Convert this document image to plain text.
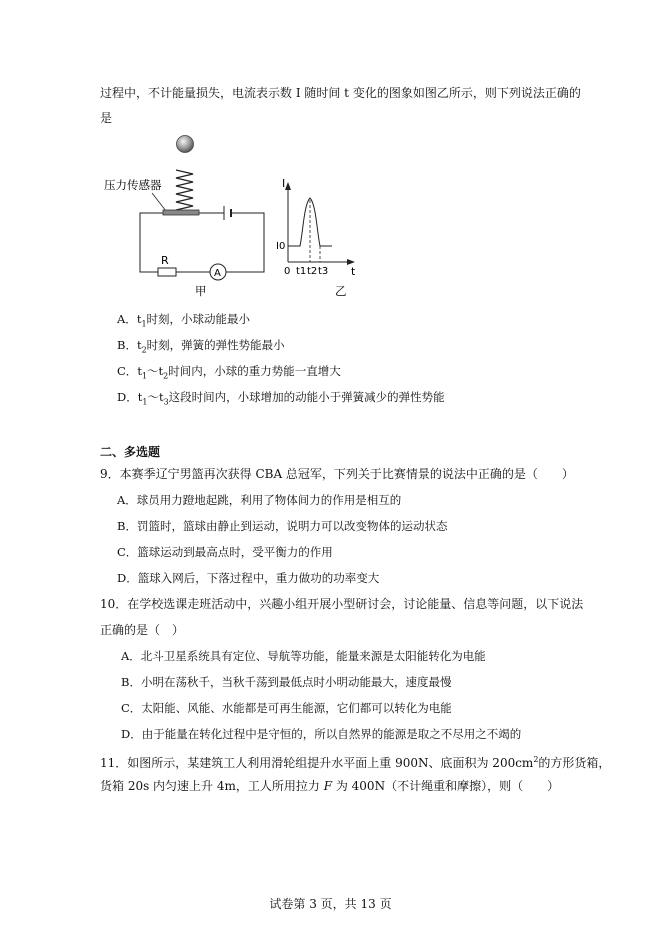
过程中，不计能量损失，电流表示数 I 随时间 t 变化的图象如图乙所示，则下列说法正确的
是
压力传感器
R
A
甲
I
t
I0
0 t1 t2 t3
乙
A．$t_1$时刻，小球动能最小
B．$t_2$时刻，弹簧的弹性势能最小
C．$t_1\sim t_2$时间内，小球的重力势能一直增大
D．$t_1\sim t_3$这段时间内，小球增加的动能小于弹簧减少的弹性势能
二、多选题
9．本赛季辽宁男篮再次获得 CBA 总冠军，下列关于比赛情景的说法中正确的是（　　）
A．球员用力蹬地起跳，利用了物体间力的作用是相互的
B．罚篮时，篮球由静止到运动，说明力可以改变物体的运动状态
C．篮球运动到最高点时，受平衡力的作用
D．篮球入网后，下落过程中，重力做功的功率变大
10．在学校选课走班活动中，兴趣小组开展小型研讨会，讨论能量、信息等问题，以下说法
正确的是（　）
A．北斗卫星系统具有定位、导航等功能，能量来源是太阳能转化为电能
B．小明在荡秋千，当秋千荡到最低点时小明动能最大，速度最慢
C．太阳能、风能、水能都是可再生能源，它们都可以转化为电能
D．由于能量在转化过程中是守恒的，所以自然界的能源是取之不尽用之不竭的
11．如图所示，某建筑工人利用滑轮组提升水平面上重 900N、底面积为 $200cm^2$的方形货箱，
货箱 20s 内匀速上升 4m，工人所用拉力 F 为 400N（不计绳重和摩擦），则（　　）
试卷第 3 页，共 13 页
